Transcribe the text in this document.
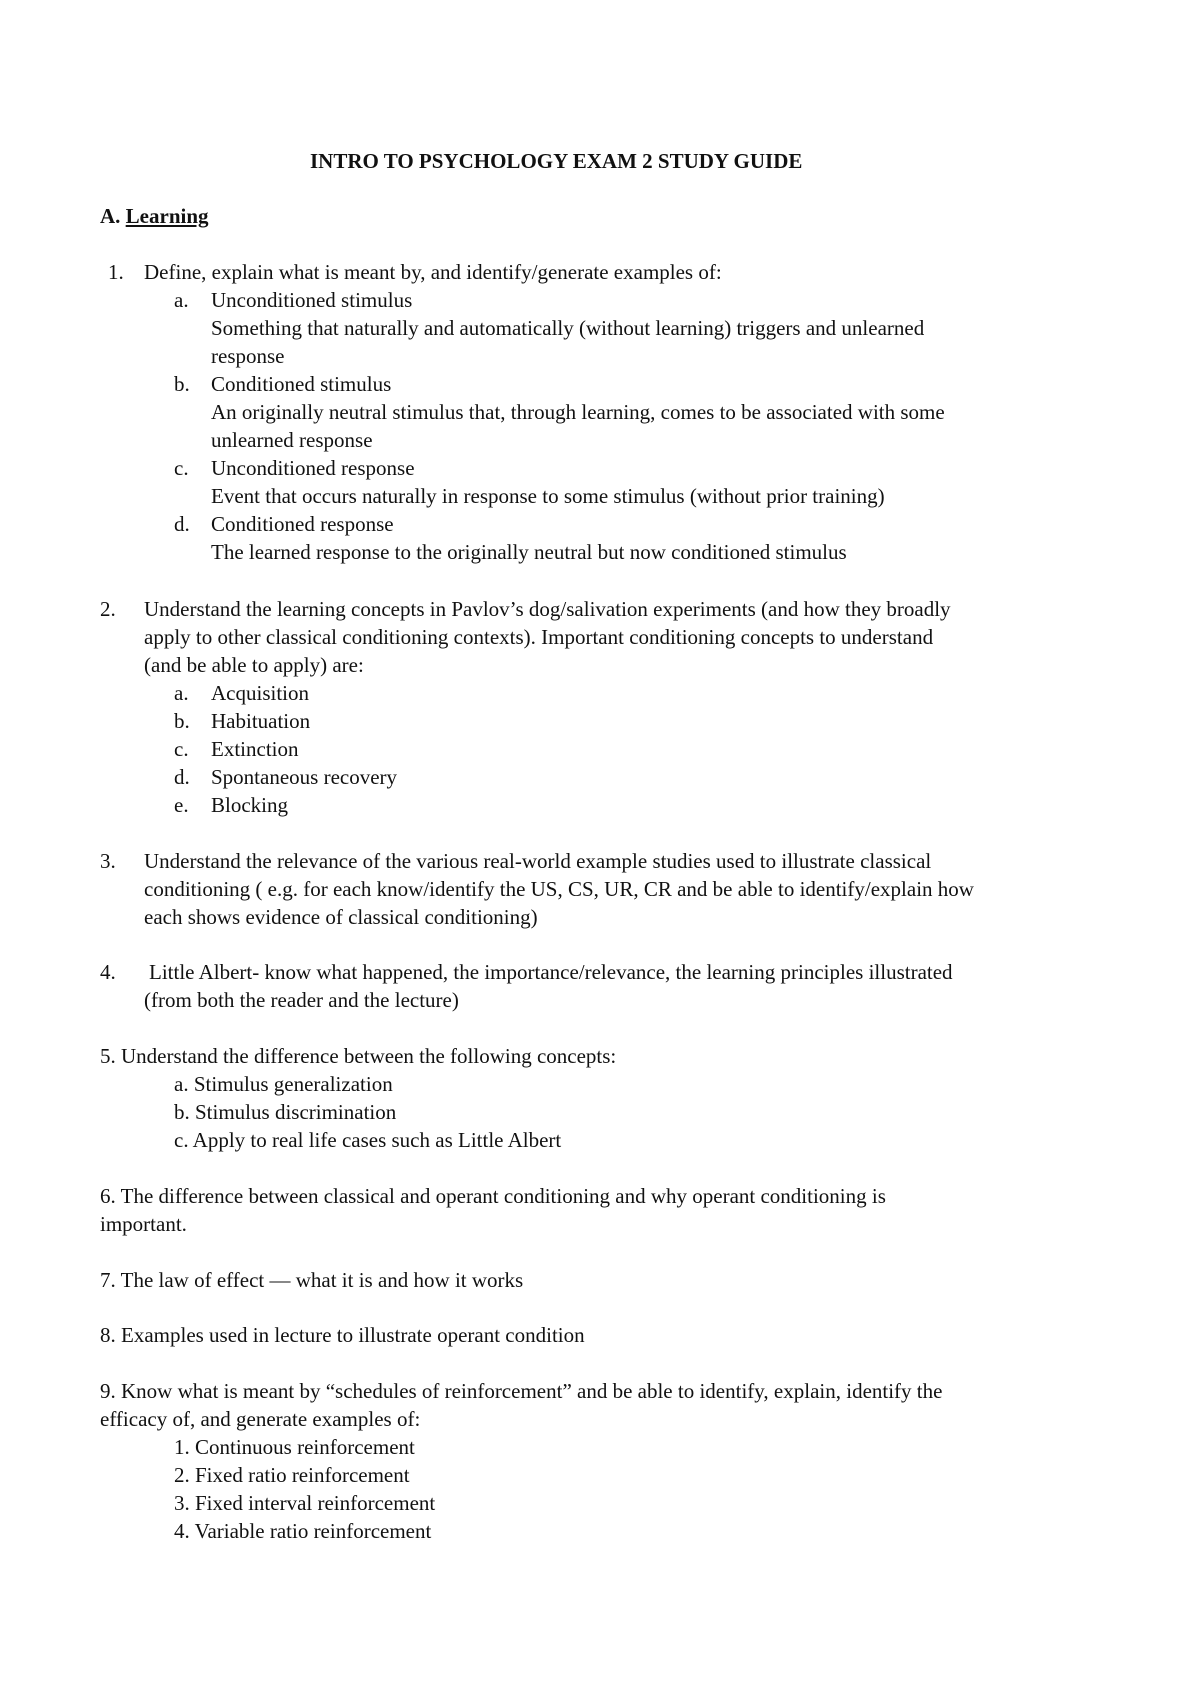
INTRO TO PSYCHOLOGY EXAM 2 STUDY GUIDE
A. Learning
1. Define, explain what is meant by, and identify/generate examples of:
a. Unconditioned stimulus
Something that naturally and automatically (without learning) triggers and unlearned
response
b. Conditioned stimulus
An originally neutral stimulus that, through learning, comes to be associated with some
unlearned response
c. Unconditioned response
Event that occurs naturally in response to some stimulus (without prior training)
d. Conditioned response
The learned response to the originally neutral but now conditioned stimulus
2. Understand the learning concepts in Pavlov’s dog/salivation experiments (and how they broadly
apply to other classical conditioning contexts). Important conditioning concepts to understand
(and be able to apply) are:
a. Acquisition
b. Habituation
c. Extinction
d. Spontaneous recovery
e. Blocking
3. Understand the relevance of the various real-world example studies used to illustrate classical
conditioning ( e.g. for each know/identify the US, CS, UR, CR and be able to identify/explain how
each shows evidence of classical conditioning)
4. Little Albert- know what happened, the importance/relevance, the learning principles illustrated
(from both the reader and the lecture)
5. Understand the difference between the following concepts:
a. Stimulus generalization
b. Stimulus discrimination
c. Apply to real life cases such as Little Albert
6. The difference between classical and operant conditioning and why operant conditioning is
important.
7. The law of effect — what it is and how it works
8. Examples used in lecture to illustrate operant condition
9. Know what is meant by “schedules of reinforcement” and be able to identify, explain, identify the
efficacy of, and generate examples of:
1. Continuous reinforcement
2. Fixed ratio reinforcement
3. Fixed interval reinforcement
4. Variable ratio reinforcement
